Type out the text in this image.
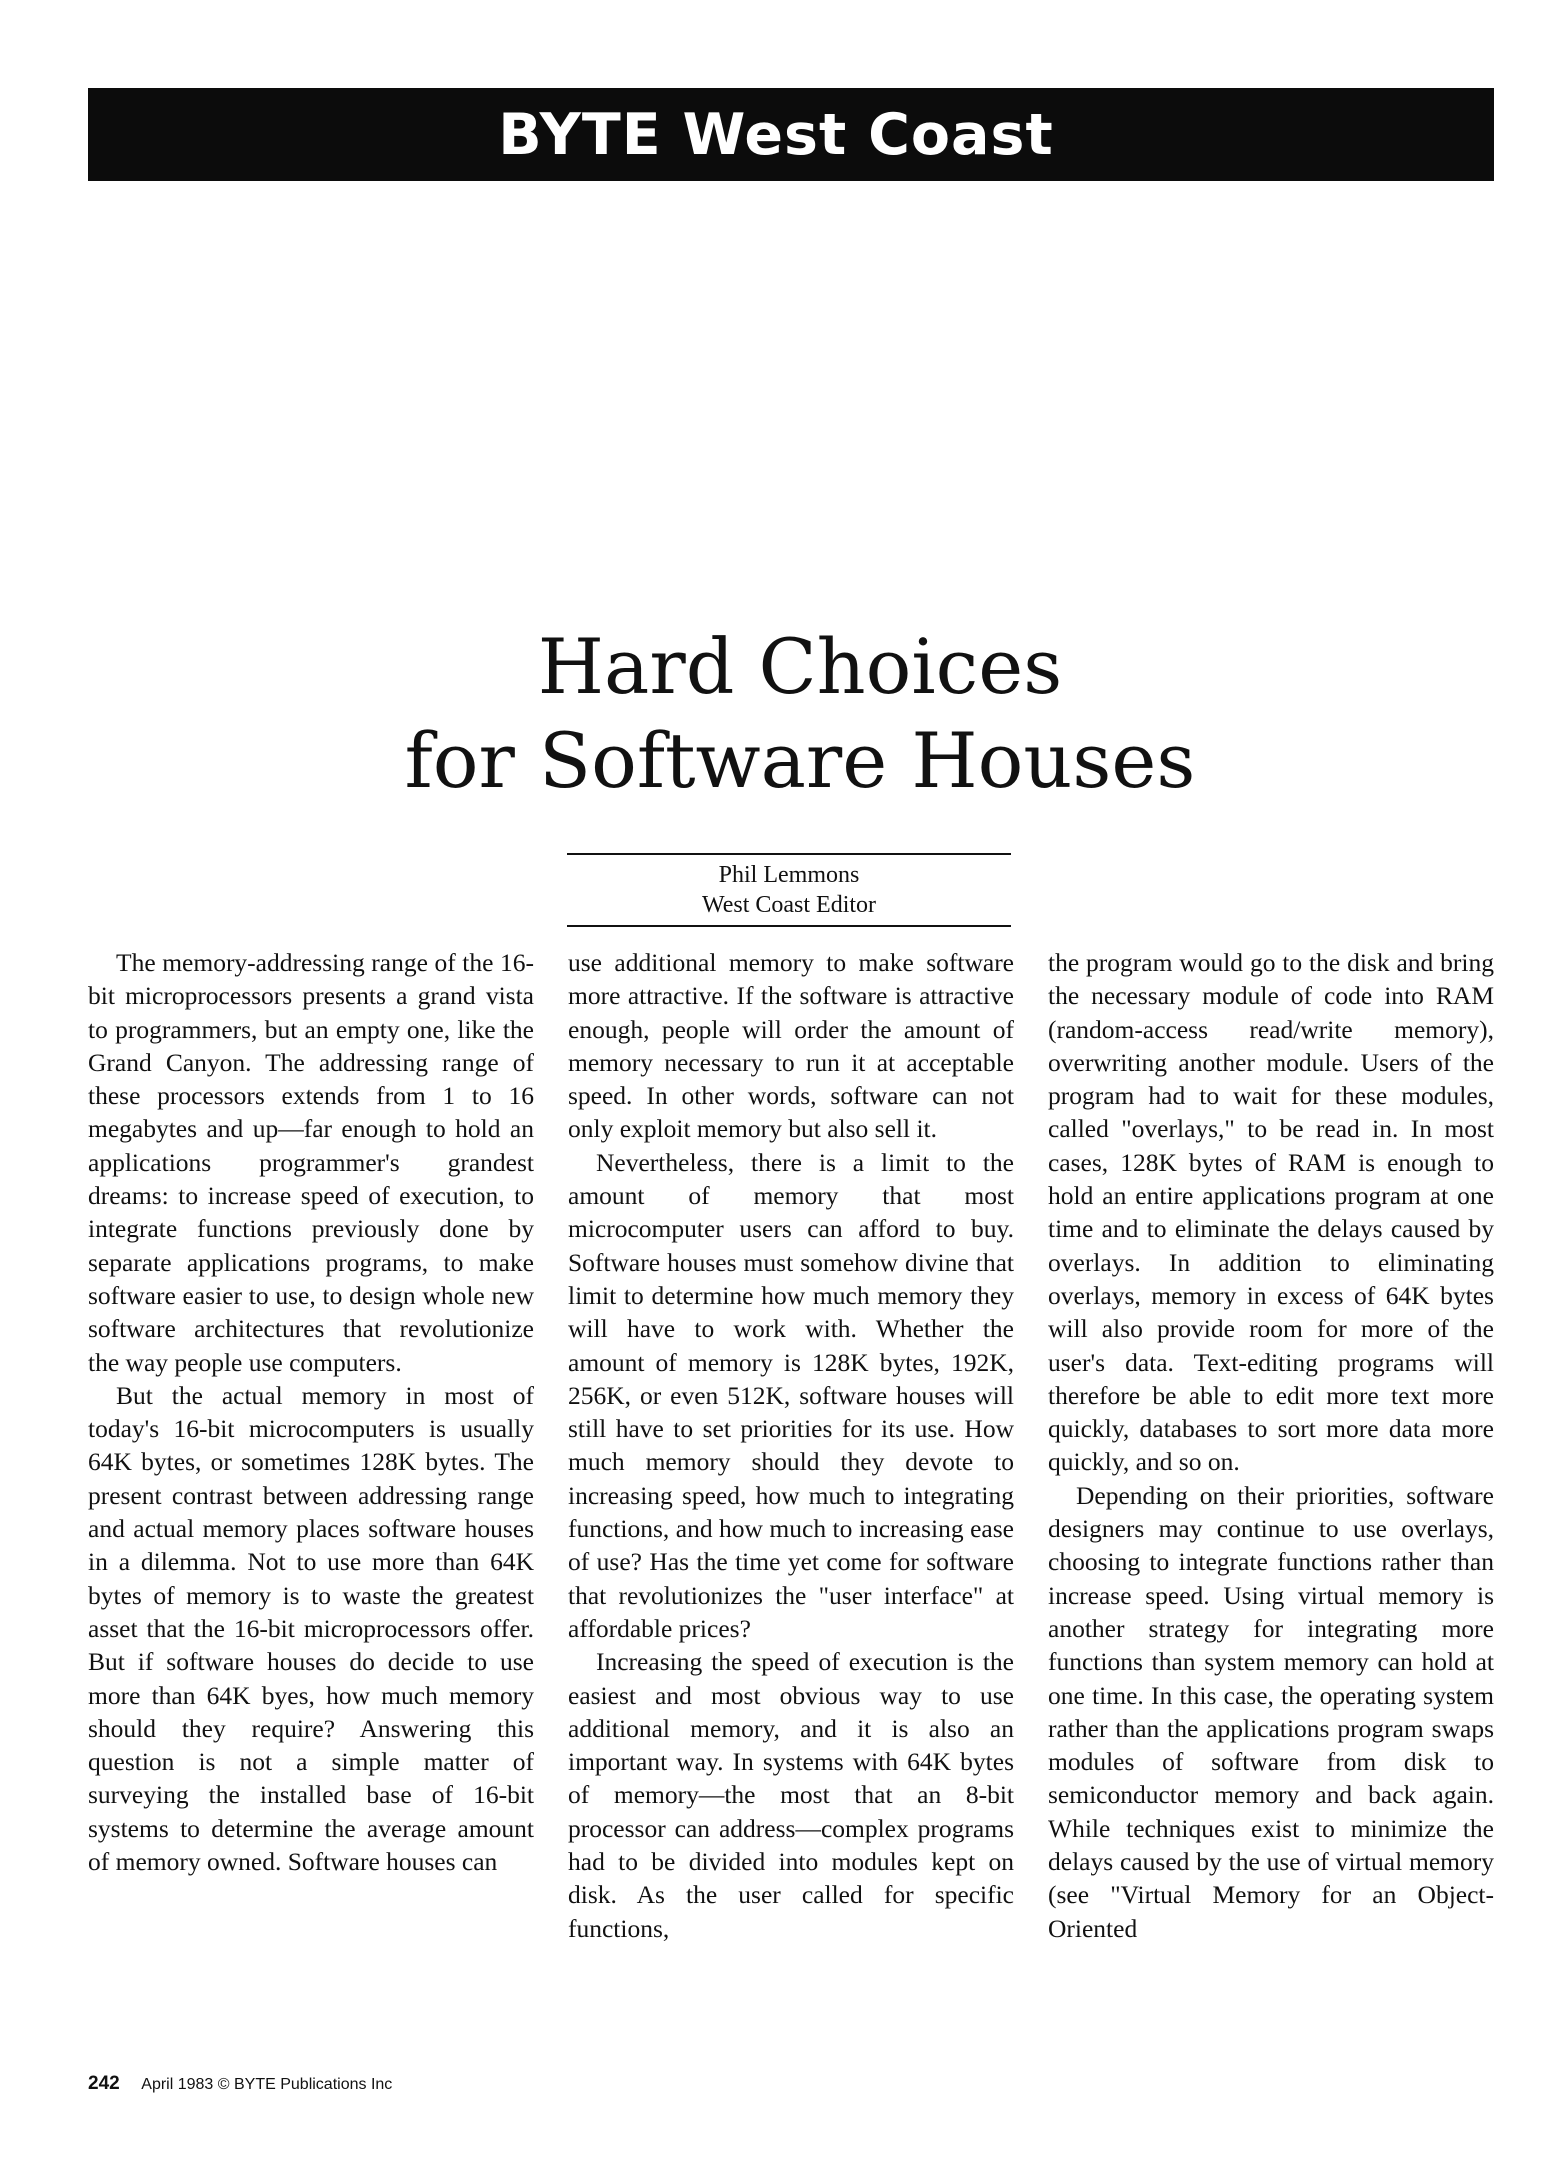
BYTE West Coast
Hard Choices
for Software Houses
Phil Lemmons
West Coast Editor

The memory-addressing range of the 16-bit microprocessors presents a grand vista to programmers, but an empty one, like the Grand Canyon. The addressing range of these processors extends from 1 to 16 megabytes and up—far enough to hold an applications programmer's grandest dreams: to increase speed of execution, to integrate functions previously done by separate applications programs, to make software easier to use, to design whole new software architectures that revolutionize the way people use computers.

But the actual memory in most of today's 16-bit microcomputers is usually 64K bytes, or sometimes 128K bytes. The present contrast between addressing range and actual memory places software houses in a dilemma. Not to use more than 64K bytes of memory is to waste the greatest asset that the 16-bit microprocessors offer. But if software houses do decide to use more than 64K byes, how much memory should they require? Answering this question is not a simple matter of surveying the installed base of 16-bit systems to determine the average amount of memory owned. Software houses can

use additional memory to make software more attractive. If the software is attractive enough, people will order the amount of memory necessary to run it at acceptable speed. In other words, software can not only exploit memory but also sell it.

Nevertheless, there is a limit to the amount of memory that most microcomputer users can afford to buy. Software houses must somehow divine that limit to determine how much memory they will have to work with. Whether the amount of memory is 128K bytes, 192K, 256K, or even 512K, software houses will still have to set priorities for its use. How much memory should they devote to increasing speed, how much to integrating functions, and how much to increasing ease of use? Has the time yet come for software that revolutionizes the "user interface" at affordable prices?

Increasing the speed of execution is the easiest and most obvious way to use additional memory, and it is also an important way. In systems with 64K bytes of memory—the most that an 8-bit processor can address—complex programs had to be divided into modules kept on disk. As the user called for specific functions,

the program would go to the disk and bring the necessary module of code into RAM (random-access read/write memory), overwriting another module. Users of the program had to wait for these modules, called "overlays," to be read in. In most cases, 128K bytes of RAM is enough to hold an entire applications program at one time and to eliminate the delays caused by overlays. In addition to eliminating overlays, memory in excess of 64K bytes will also provide room for more of the user's data. Text-editing programs will therefore be able to edit more text more quickly, databases to sort more data more quickly, and so on.

Depending on their priorities, software designers may continue to use overlays, choosing to integrate functions rather than increase speed. Using virtual memory is another strategy for integrating more functions than system memory can hold at one time. In this case, the operating system rather than the applications program swaps modules of software from disk to semiconductor memory and back again. While techniques exist to minimize the delays caused by the use of virtual memory (see "Virtual Memory for an Object-Oriented

242 April 1983 © BYTE Publications Inc
